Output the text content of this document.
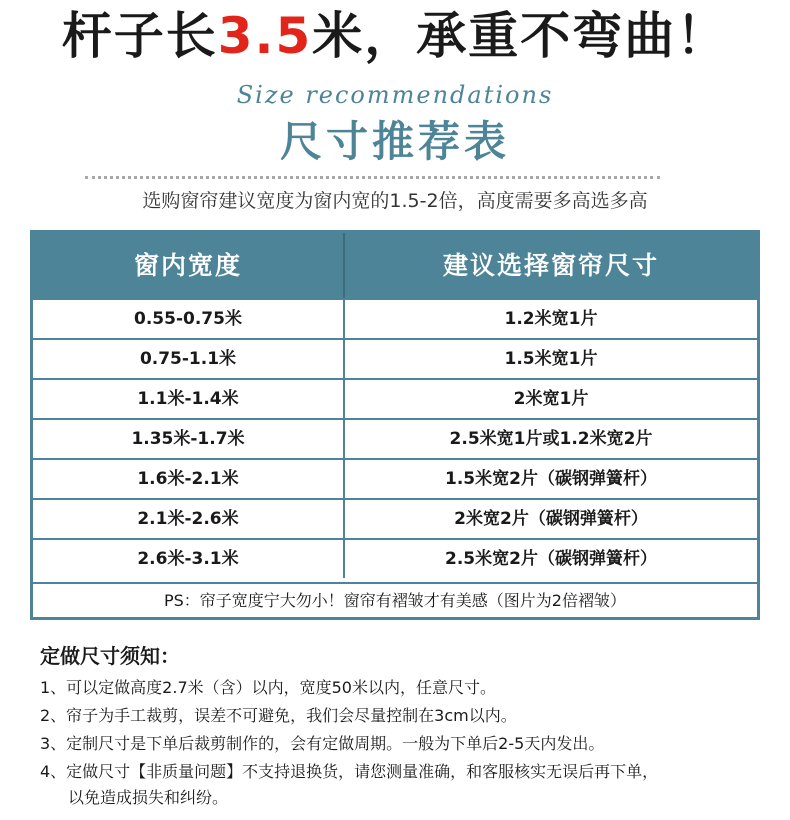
杆子长3.5米，承重不弯曲！
Size recommendations
尺寸推荐表
选购窗帘建议宽度为窗内宽的1.5-2倍，高度需要多高选多高
窗内宽度	建议选择窗帘尺寸
0.55-0.75米	1.2米宽1片
0.75-1.1米	1.5米宽1片
1.1米-1.4米	2米宽1片
1.35米-1.7米	2.5米宽1片或1.2米宽2片
1.6米-2.1米	1.5米宽2片（碳钢弹簧杆）
2.1米-2.6米	2米宽2片（碳钢弹簧杆）
2.6米-3.1米	2.5米宽2片（碳钢弹簧杆）
PS：帘子宽度宁大勿小！窗帘有褶皱才有美感（图片为2倍褶皱）
定做尺寸须知：
1、可以定做高度2.7米（含）以内，宽度50米以内，任意尺寸。
2、帘子为手工裁剪，误差不可避免，我们会尽量控制在3cm以内。
3、定制尺寸是下单后裁剪制作的，会有定做周期。一般为下单后2-5天内发出。
4、定做尺寸【非质量问题】不支持退换货，请您测量准确，和客服核实无误后再下单，
以免造成损失和纠纷。
